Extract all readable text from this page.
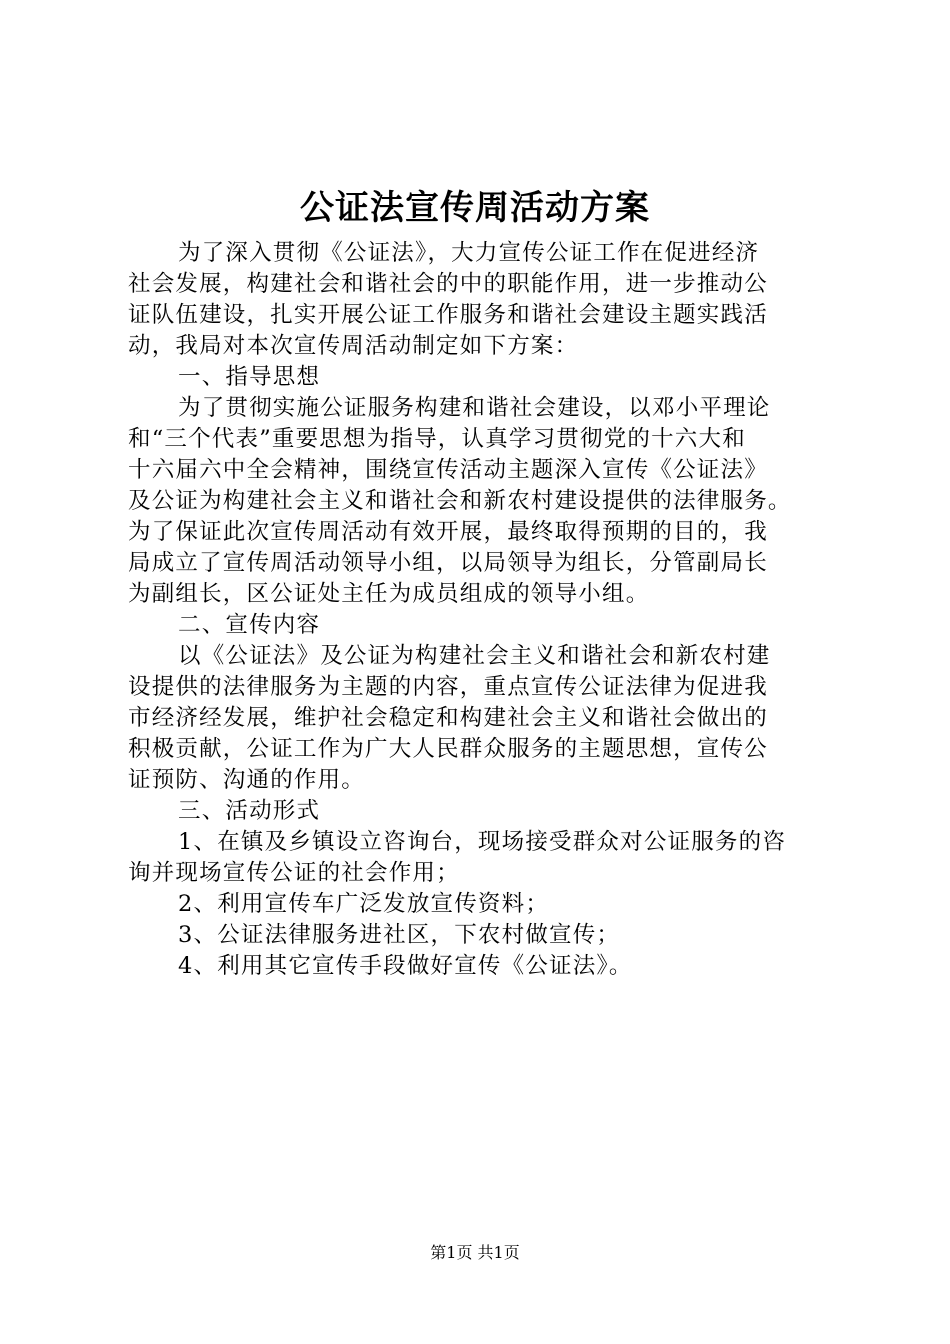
公证法宣传周活动方案
为了深入贯彻《公证法》，大力宣传公证工作在促进经济
社会发展，构建社会和谐社会的中的职能作用，进一步推动公
证队伍建设，扎实开展公证工作服务和谐社会建设主题实践活
动，我局对本次宣传周活动制定如下方案：
一、指导思想
为了贯彻实施公证服务构建和谐社会建设，以邓小平理论
和“三个代表”重要思想为指导，认真学习贯彻党的十六大和
十六届六中全会精神，围绕宣传活动主题深入宣传《公证法》
及公证为构建社会主义和谐社会和新农村建设提供的法律服务。
为了保证此次宣传周活动有效开展，最终取得预期的目的，我
局成立了宣传周活动领导小组，以局领导为组长，分管副局长
为副组长，区公证处主任为成员组成的领导小组。
二、宣传内容
以《公证法》及公证为构建社会主义和谐社会和新农村建
设提供的法律服务为主题的内容，重点宣传公证法律为促进我
市经济经发展，维护社会稳定和构建社会主义和谐社会做出的
积极贡献，公证工作为广大人民群众服务的主题思想，宣传公
证预防、沟通的作用。
三、活动形式
1、在镇及乡镇设立咨询台，现场接受群众对公证服务的咨
询并现场宣传公证的社会作用；
2、利用宣传车广泛发放宣传资料；
3、公证法律服务进社区，下农村做宣传；
4、利用其它宣传手段做好宣传《公证法》。
第1页 共1页
